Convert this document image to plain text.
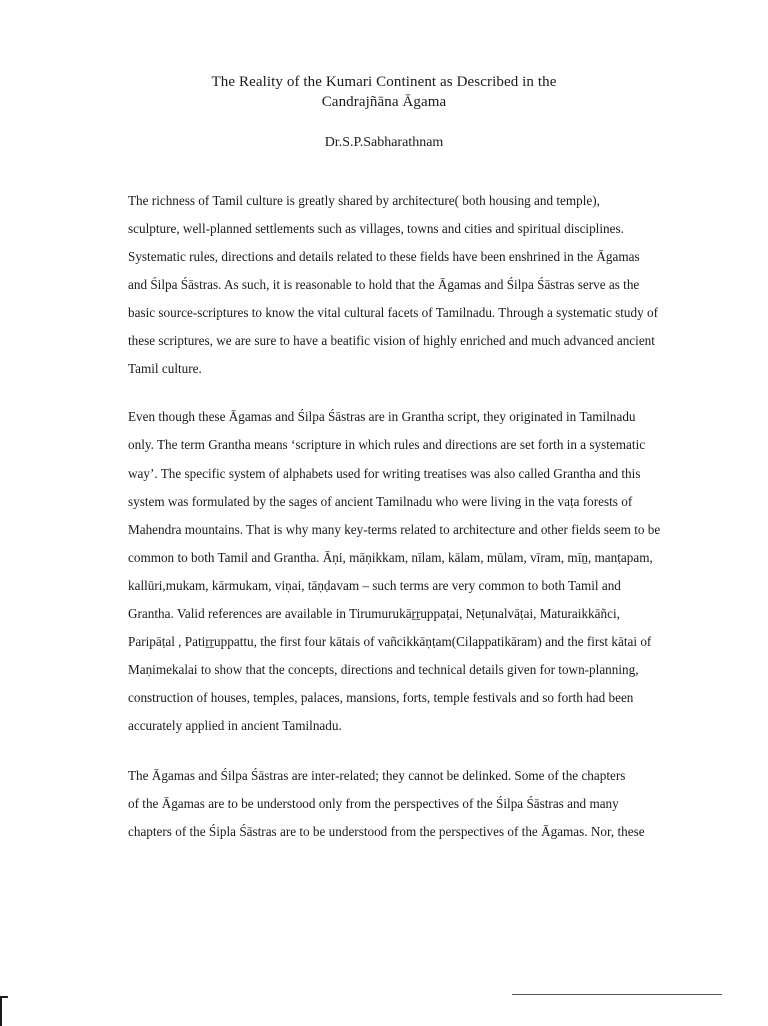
The Reality of the Kumari Continent as Described in the
Candrajñāna Āgama
Dr.S.P.Sabharathnam
The richness of Tamil culture is greatly shared by architecture( both housing and temple),
sculpture, well-planned settlements such as villages, towns and cities and spiritual disciplines.
Systematic rules, directions and details related to these fields have been enshrined in the Āgamas
and Śilpa Śāstras. As such, it is reasonable to hold that the Āgamas and Śilpa Śāstras serve as the
basic source-scriptures to know the vital cultural facets of Tamilnadu. Through a systematic study of
these scriptures, we are sure to have a beatific vision of highly enriched and much advanced ancient
Tamil culture.
Even though these Āgamas and Śilpa Śāstras are in Grantha script, they originated in Tamilnadu
only. The term Grantha means ‘scripture in which rules and directions are set forth in a systematic
way’. The specific system of alphabets used for writing treatises was also called Grantha and this
system was formulated by the sages of ancient Tamilnadu who were living in the vaṭa forests of
Mahendra mountains. That is why many key-terms related to architecture and other fields seem to be
common to both Tamil and Grantha. Āṇi, māṇikkam, nīlam, kālam, mūlam, vīram, mīṉ, manṭapam,
kallūri,mukam, kārmukam, viṇai, tāṇḍavam – such terms are very common to both Tamil and
Grantha. Valid references are available in Tirumurukāṟṟuppaṭai, Neṭunalvāṭai, Maturaikkāñci,
Paripāṭal , Patiṟṟuppattu, the first four kātais of vañcikkāṇṭam(Cilappatikāram) and the first kātai of
Maṇimekalai to show that the concepts, directions and technical details given for town-planning,
construction of houses, temples, palaces, mansions, forts, temple festivals and so forth had been
accurately applied in ancient Tamilnadu.
The Āgamas and Śilpa Śāstras are inter-related; they cannot be delinked. Some of the chapters
of the Āgamas are to be understood only from the perspectives of the Śilpa Śāstras and many
chapters of the Śipla Śāstras are to be understood from the perspectives of the Āgamas. Nor, these
